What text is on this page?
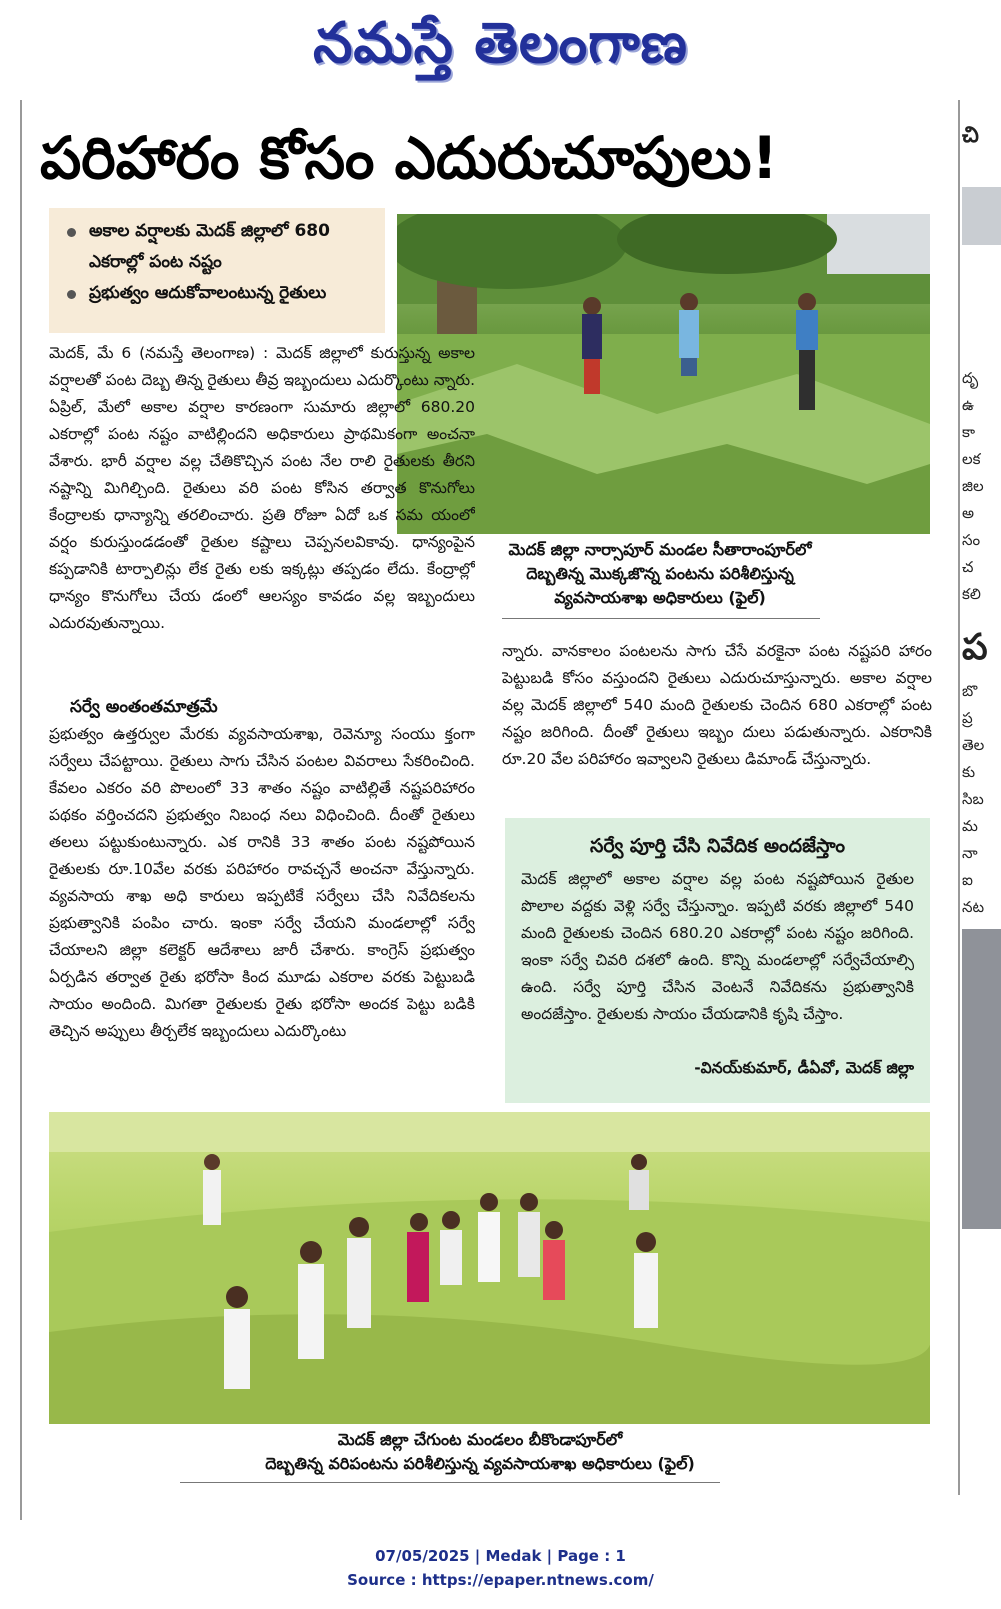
నమస్తే తెలంగాణ
పరిహారం కోసం ఎదురుచూపులు!
అకాల వర్షాలకు మెదక్ జిల్లాలో 680 ఎకరాల్లో పంట నష్టం
ప్రభుత్వం ఆదుకోవాలంటున్న రైతులు
మెదక్ జిల్లా నార్సాపూర్ మండల సీతారాంపూర్‌లో
దెబ్బతిన్న మొక్కజొన్న పంటను పరిశీలిస్తున్న
వ్యవసాయశాఖ అధికారులు (ఫైల్)
మెదక్, మే 6 (నమస్తే తెలంగాణ) : మెదక్ జిల్లాలో కురుస్తున్న అకాల వర్షాలతో పంట దెబ్బ తిన్న రైతులు తీవ్ర ఇబ్బందులు ఎదుర్కొంటు న్నారు. ఏప్రిల్, మేలో అకాల వర్షాల కారణంగా సుమారు జిల్లాలో 680.20 ఎకరాల్లో పంట నష్టం వాటిల్లిందని అధికారులు ప్రాథమికంగా అంచనా వేశారు. భారీ వర్షాల వల్ల చేతికొచ్చిన పంట నేల రాలి రైతులకు తీరని నష్టాన్ని మిగిల్చింది. రైతులు వరి పంట కోసిన తర్వాత కొనుగోలు కేంద్రాలకు ధాన్యాన్ని తరలించారు. ప్రతి రోజూ ఏదో ఒక సమ యంలో వర్షం కురుస్తుండడంతో రైతుల కష్టాలు చెప్పనలవికావు. ధాన్యంపైన కప్పడానికి టార్పాలిన్లు లేక రైతు లకు ఇక్కట్లు తప్పడం లేదు. కేంద్రాల్లో ధాన్యం కొనుగోలు చేయ డంలో ఆలస్యం కావడం వల్ల ఇబ్బందులు ఎదురవుతున్నాయి.
సర్వే అంతంతమాత్రమే
ప్రభుత్వం ఉత్తర్వుల మేరకు వ్యవసాయశాఖ, రెవెన్యూ సంయు క్తంగా సర్వేలు చేపట్టాయి. రైతులు సాగు చేసిన పంటల వివరాలు సేకరించింది. కేవలం ఎకరం వరి పొలంలో 33 శాతం నష్టం వాటిల్లితే నష్టపరిహారం పథకం వర్తించదని ప్రభుత్వం నిబంధ నలు విధించింది. దీంతో రైతులు తలలు పట్టుకుంటున్నారు. ఎక రానికి 33 శాతం పంట నష్టపోయిన రైతులకు రూ.10వేల వరకు పరిహారం రావచ్చనే అంచనా వేస్తున్నారు. వ్యవసాయ శాఖ అధి కారులు ఇప్పటికే సర్వేలు చేసి నివేదికలను ప్రభుత్వానికి పంపిం చారు. ఇంకా సర్వే చేయని మండలాల్లో సర్వే చేయాలని జిల్లా కలెక్టర్ ఆదేశాలు జారీ చేశారు. కాంగ్రెస్ ప్రభుత్వం ఏర్పడిన తర్వాత రైతు భరోసా కింద మూడు ఎకరాల వరకు పెట్టుబడి సాయం అందింది. మిగతా రైతులకు రైతు భరోసా అందక పెట్టు బడికి తెచ్చిన అప్పులు తీర్చలేక ఇబ్బందులు ఎదుర్కొంటు
న్నారు. వానకాలం పంటలను సాగు చేసే వరకైనా పంట నష్టపరి హారం పెట్టుబడి కోసం వస్తుందని రైతులు ఎదురుచూస్తున్నారు. అకాల వర్షాల వల్ల మెదక్ జిల్లాలో 540 మంది రైతులకు చెందిన 680 ఎకరాల్లో పంట నష్టం జరిగింది. దీంతో రైతులు ఇబ్బం దులు పడుతున్నారు. ఎకరానికి రూ.20 వేల పరిహారం ఇవ్వాలని రైతులు డిమాండ్ చేస్తున్నారు.
సర్వే పూర్తి చేసి నివేదిక అందజేస్తాం
మెదక్ జిల్లాలో అకాల వర్షాల వల్ల పంట నష్టపోయిన రైతుల పొలాల వద్దకు వెళ్లి సర్వే చేస్తున్నాం. ఇప్పటి వరకు జిల్లాలో 540 మంది రైతులకు చెందిన 680.20 ఎకరాల్లో పంట నష్టం జరిగింది. ఇంకా సర్వే చివరి దశలో ఉంది. కొన్ని మండలాల్లో సర్వేచేయాల్సి ఉంది. సర్వే పూర్తి చేసిన వెంటనే నివేదికను ప్రభుత్వానికి అందజేస్తాం. రైతులకు సాయం చేయడానికి కృషి చేస్తాం.
-వినయ్‌కుమార్, డీఏవో, మెదక్ జిల్లా
మెదక్ జిల్లా చేగుంట మండలం బీకొండాపూర్‌లో
దెబ్బతిన్న వరిపంటను పరిశీలిస్తున్న వ్యవసాయశాఖ అధికారులు (ఫైల్)
చి
దృ
ఉ
కా
లక
జిల
అ
సం
చ
కలి
ప
బొ
ప్ర
తెల
కు
సిబ
మ
నా
ఐ
నట
07/05/2025 | Medak | Page : 1
Source : https://epaper.ntnews.com/
